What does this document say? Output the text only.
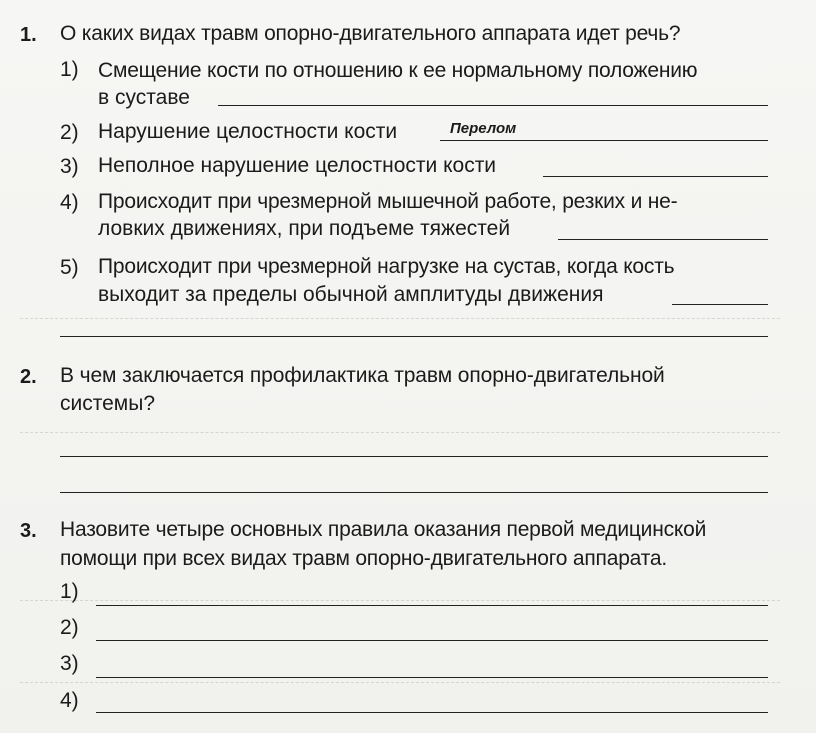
1. О каких видах травм опорно-двигательного аппарата идет речь?
1) Смещение кости по отношению к ее нормальному положению
в суставе
2) Нарушение целостности кости	Перелом
3) Неполное нарушение целостности кости
4) Происходит при чрезмерной мышечной работе, резких и не-
ловких движениях, при подъеме тяжестей
5) Происходит при чрезмерной нагрузке на сустав, когда кость
выходит за пределы обычной амплитуды движения
2. В чем заключается профилактика травм опорно-двигательной
системы?
3. Назовите четыре основных правила оказания первой медицинской
помощи при всех видах травм опорно-двигательного аппарата.
1)
2)
3)
4)
